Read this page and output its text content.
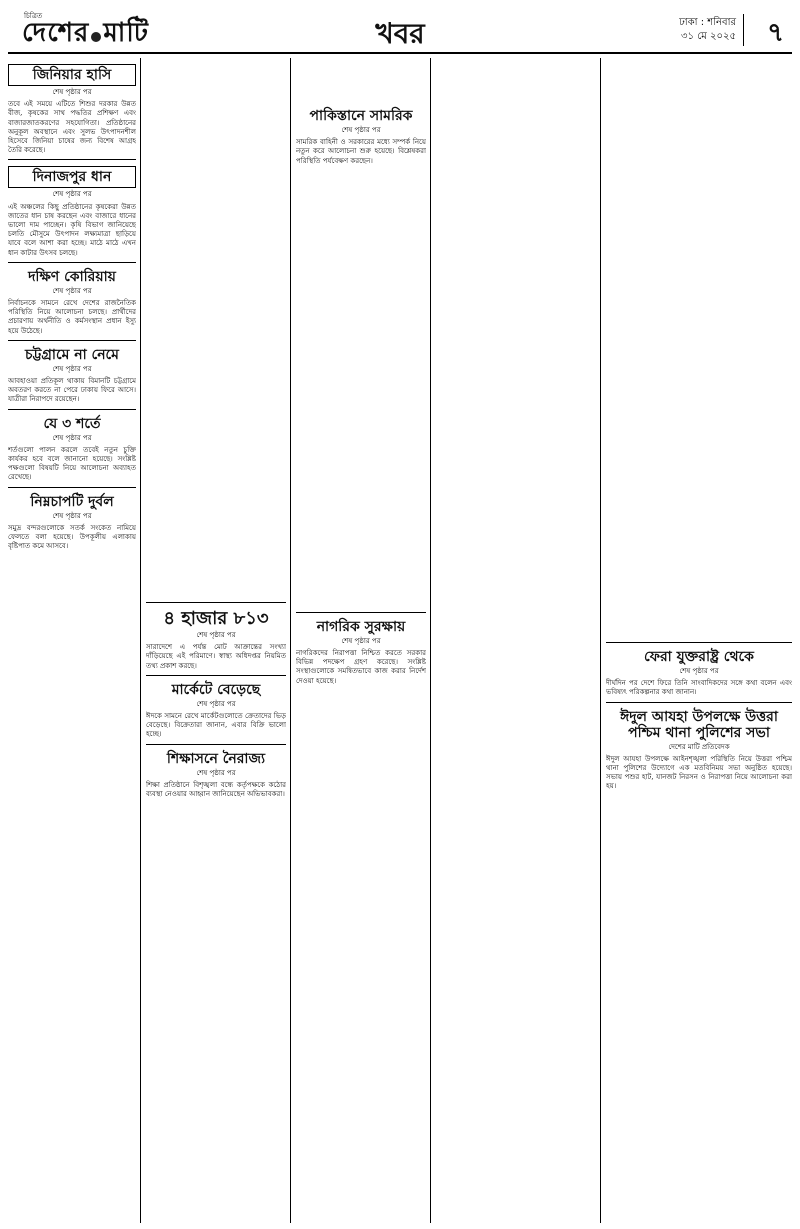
চিত্রিত
দেশের মাটি	খবর	ঢাকা : শনিবার
৩১ মে ২০২৫ ৭
জিনিয়ার হাসি
শেষ পৃষ্ঠার পর

তবে এই সময়ে এটিতে শিশুর দরকার উন্নত বীজ, কৃষকের সাথ পদ্ধতির প্রশিক্ষণ এবং বাজারজাতকরণের সহযোগিতা। প্রতিষ্ঠানের অনুকূল অবস্থানে এবং সুলভ উৎপাদনশীল হিসেবে জিনিয়া চাষের জন্য বিশেষ আগ্রহ তৈরি করেছে।

দিনাজপুর ধান
শেষ পৃষ্ঠার পর

এই অঞ্চলের কিছু প্রতিষ্ঠানের কৃষকেরা উন্নত জাতের ধান চাষ করছেন এবং বাজারে ধানের ভালো দাম পাচ্ছেন। কৃষি বিভাগ জানিয়েছে চলতি মৌসুমে উৎপাদন লক্ষ্যমাত্রা ছাড়িয়ে যাবে বলে আশা করা হচ্ছে। মাঠে মাঠে এখন ধান কাটার উৎসব চলছে।

দক্ষিণ কোরিয়ায়
শেষ পৃষ্ঠার পর

নির্বাচনকে সামনে রেখে দেশের রাজনৈতিক পরিস্থিতি নিয়ে আলোচনা চলছে। প্রার্থীদের প্রচারণায় অর্থনীতি ও কর্মসংস্থান প্রধান ইস্যু হয়ে উঠেছে।

চট্টগ্রামে না নেমে
শেষ পৃষ্ঠার পর

আবহাওয়া প্রতিকূল থাকায় বিমানটি চট্টগ্রামে অবতরণ করতে না পেরে ঢাকায় ফিরে আসে। যাত্রীরা নিরাপদে রয়েছেন।

যে ৩ শর্তে
শেষ পৃষ্ঠার পর

শর্তগুলো পালন করলে তবেই নতুন চুক্তি কার্যকর হবে বলে জানানো হয়েছে। সংশ্লিষ্ট পক্ষগুলো বিষয়টি নিয়ে আলোচনা অব্যাহত রেখেছে।

নিম্নচাপটি দুর্বল
শেষ পৃষ্ঠার পর

সমুদ্র বন্দরগুলোকে সতর্ক সংকেত নামিয়ে ফেলতে বলা হয়েছে। উপকূলীয় এলাকায় বৃষ্টিপাত কমে আসবে।

৪ হাজার ৮১৩
শেষ পৃষ্ঠার পর

সারাদেশে এ পর্যন্ত মোট আক্রান্তের সংখ্যা দাঁড়িয়েছে এই পরিমাণে। স্বাস্থ্য অধিদপ্তর নিয়মিত তথ্য প্রকাশ করছে।

মার্কেটে বেড়েছে
শেষ পৃষ্ঠার পর

ঈদকে সামনে রেখে মার্কেটগুলোতে ক্রেতাদের ভিড় বেড়েছে। বিক্রেতারা জানান, এবার বিক্রি ভালো হচ্ছে।

শিক্ষাসনে নৈরাজ্য
শেষ পৃষ্ঠার পর

শিক্ষা প্রতিষ্ঠানে বিশৃঙ্খলা বন্ধে কর্তৃপক্ষকে কঠোর ব্যবস্থা নেওয়ার আহ্বান জানিয়েছেন অভিভাবকরা।

পাকিস্তানে সামরিক
শেষ পৃষ্ঠার পর

সামরিক বাহিনী ও সরকারের মধ্যে সম্পর্ক নিয়ে নতুন করে আলোচনা শুরু হয়েছে। বিশ্লেষকরা পরিস্থিতি পর্যবেক্ষণ করছেন।

নাগরিক সুরক্ষায়
শেষ পৃষ্ঠার পর

নাগরিকদের নিরাপত্তা নিশ্চিত করতে সরকার বিভিন্ন পদক্ষেপ গ্রহণ করেছে। সংশ্লিষ্ট সংস্থাগুলোকে সমন্বিতভাবে কাজ করার নির্দেশ দেওয়া হয়েছে।

ফেরা যুক্তরাষ্ট্র থেকে
শেষ পৃষ্ঠার পর

দীর্ঘদিন পর দেশে ফিরে তিনি সাংবাদিকদের সঙ্গে কথা বলেন এবং ভবিষ্যৎ পরিকল্পনার কথা জানান।

ঈদুল আযহা উপলক্ষে উত্তরা পশ্চিম থানা পুলিশের সভা
দেশের মাটি প্রতিবেদক

ঈদুল আযহা উপলক্ষে আইনশৃঙ্খলা পরিস্থিতি নিয়ে উত্তরা পশ্চিম থানা পুলিশের উদ্যোগে এক মতবিনিময় সভা অনুষ্ঠিত হয়েছে। সভায় পশুর হাট, যানজট নিরসন ও নিরাপত্তা নিয়ে আলোচনা করা হয়।
